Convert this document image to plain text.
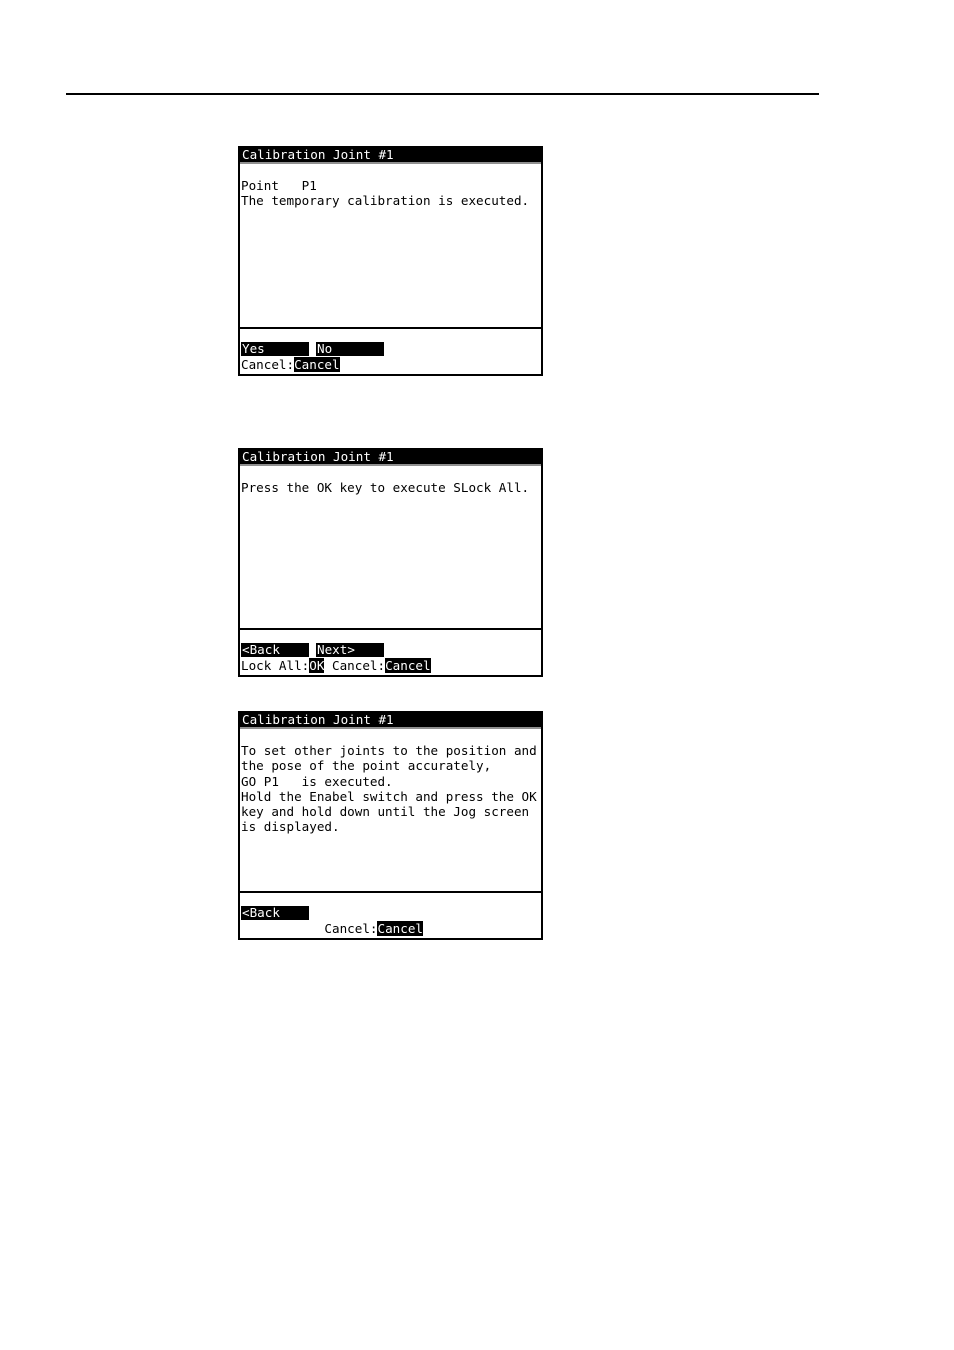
Calibration Joint #1
Point   P1
The temporary calibration is executed.
Yes	No
Cancel:Cancel
Calibration Joint #1
Press the OK key to execute SLock All.
<Back	Next>
Lock All:OK Cancel:Cancel
Calibration Joint #1
To set other joints to the position and
the pose of the point accurately,
GO P1   is executed.
Hold the Enabel switch and press the OK
key and hold down until the Jog screen
is displayed.
<Back
Cancel:Cancel
